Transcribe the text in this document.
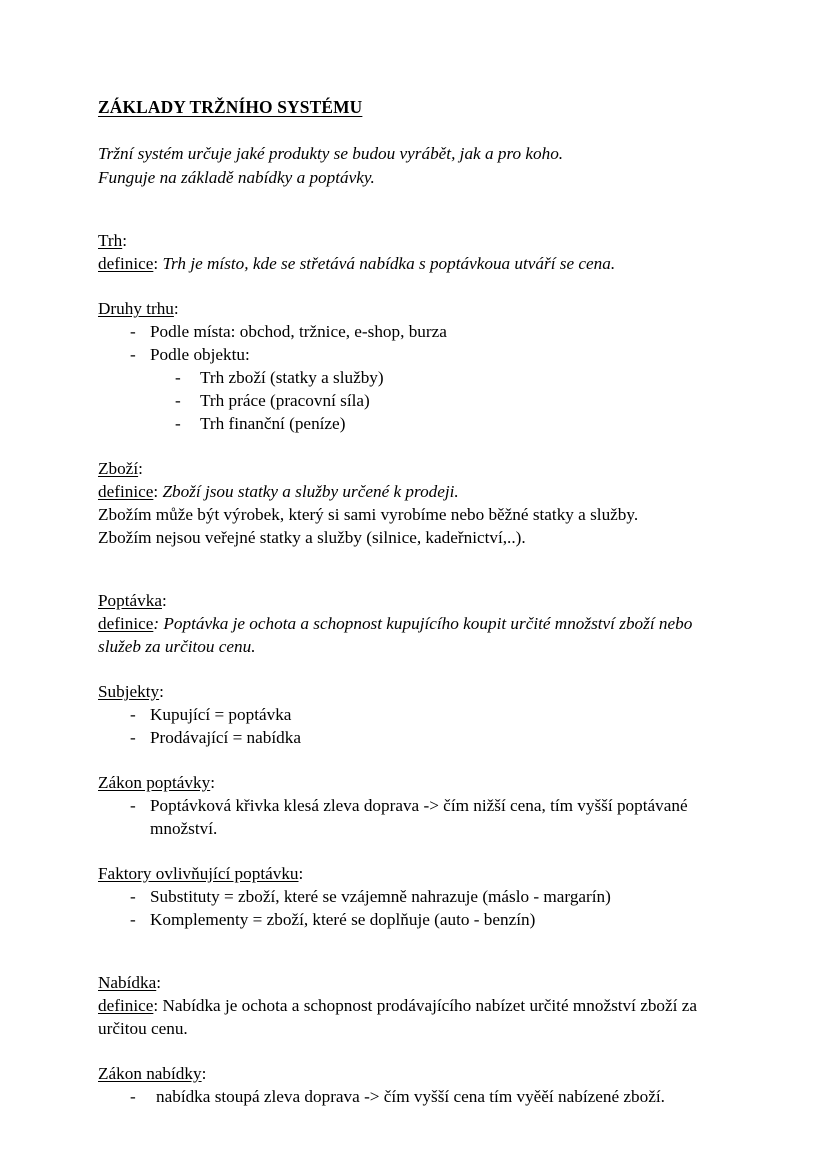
ZÁKLADY TRŽNÍHO SYSTÉMU
Tržní systém určuje jaké produkty se budou vyrábět, jak a pro koho.
Funguje na základě nabídky a poptávky.

Trh:

definice: Trh je místo, kde se střetává nabídka s poptávkoua utváří se cena.

Druhy trhu:

- Podle místa: obchod, tržnice, e-shop, burza
- Podle objektu:
- Trh zboží (statky a služby)
- Trh práce (pracovní síla)
- Trh finanční (peníze)

Zboží:

definice: Zboží jsou statky a služby určené k prodeji.

Zbožím může být výrobek, který si sami vyrobíme nebo běžné statky a služby.

Zbožím nejsou veřejné statky a služby (silnice, kadeřnictví,..).

Poptávka:

definice: Poptávka je ochota a schopnost kupujícího koupit určité množství zboží nebo služeb za určitou cenu.

Subjekty:

- Kupující = poptávka
- Prodávající = nabídka

Zákon poptávky:

- Poptávková křivka klesá zleva doprava -> čím nižší cena, tím vyšší poptávané množství.

Faktory ovlivňující poptávku:

- Substituty = zboží, které se vzájemně nahrazuje (máslo - margarín)
- Komplementy = zboží, které se doplňuje (auto - benzín)

Nabídka:

definice: Nabídka je ochota a schopnost prodávajícího nabízet určité množství zboží za určitou cenu.

Zákon nabídky:

- nabídka stoupá zleva doprava -> čím vyšší cena tím vyěěí nabízené zboží.
